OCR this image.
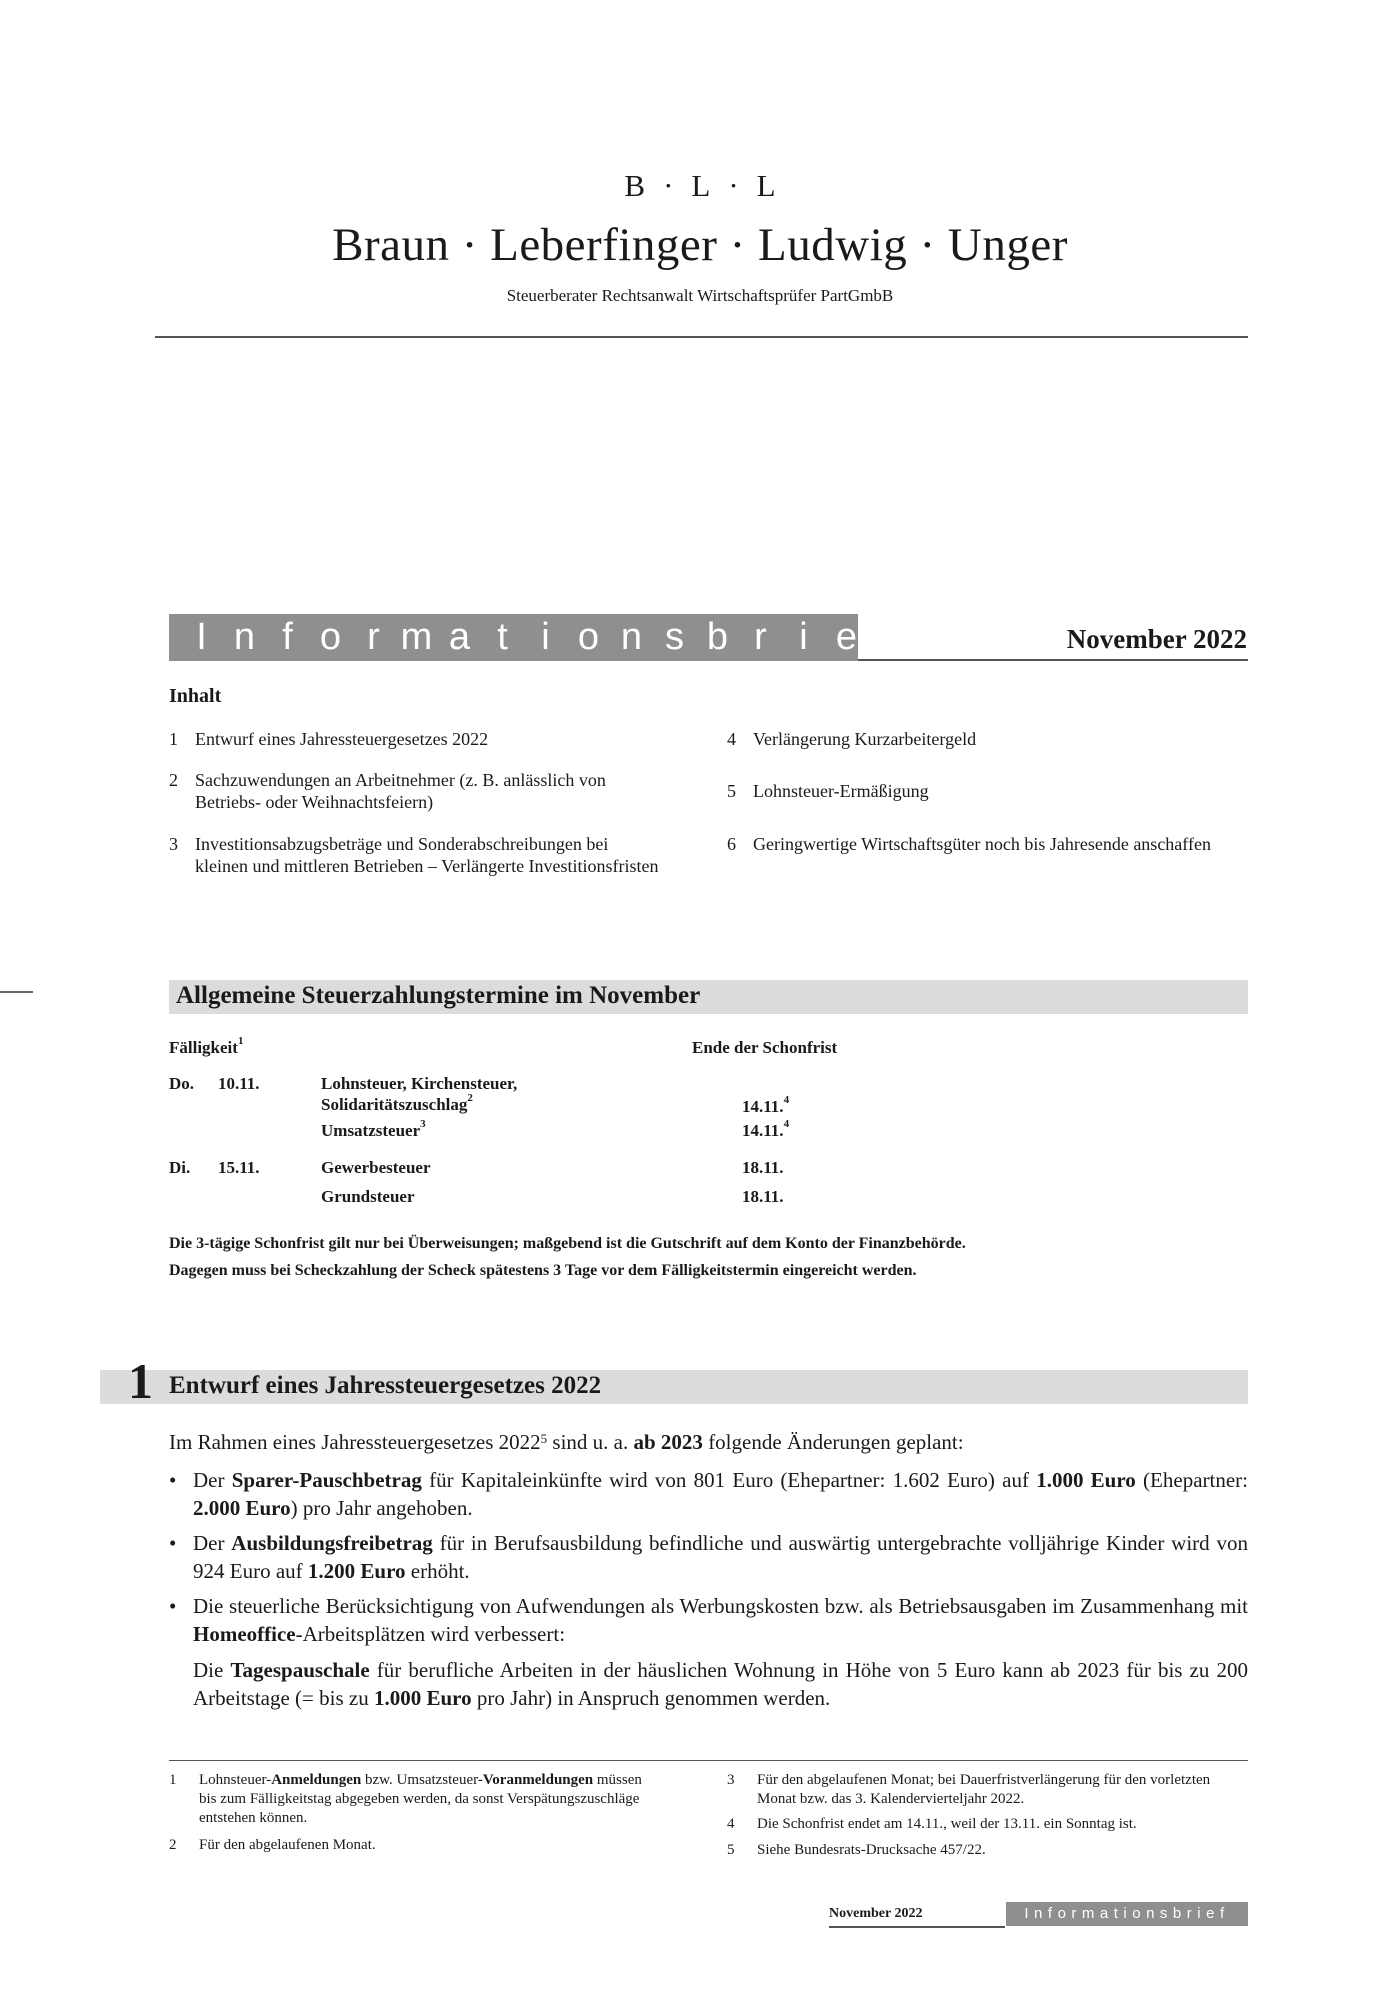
B · L · L
Braun · Leberfinger · Ludwig · Unger
Steuerberater Rechtsanwalt Wirtschaftsprüfer PartGmbB
I n f o r m a t i o n s b r i e f	November 2022
Inhalt
1 Entwurf eines Jahressteuergesetzes 2022
2 Sachzuwendungen an Arbeitnehmer (z. B. anlässlich von Betriebs- oder Weihnachtsfeiern)
3 Investitionsabzugsbeträge und Sonderabschreibungen bei kleinen und mittleren Betrieben – Verlängerte Investitionsfristen
4 Verlängerung Kurzarbeitergeld
5 Lohnsteuer-Ermäßigung
6 Geringwertige Wirtschaftsgüter noch bis Jahresende anschaffen
Allgemeine Steuerzahlungstermine im November
Fälligkeit$^1$	Ende der Schonfrist
Do. 10.11.	Lohnsteuer, Kirchensteuer,
Solidaritätszuschlag$^2$	14.11.$^4$
Umsatzsteuer$^3$	14.11.$^4$
Di. 15.11.	Gewerbesteuer	18.11.
Grundsteuer	18.11.
Die 3-tägige Schonfrist gilt nur bei Überweisungen; maßgebend ist die Gutschrift auf dem Konto der Finanzbehörde.
Dagegen muss bei Scheckzahlung der Scheck spätestens 3 Tage vor dem Fälligkeitstermin eingereicht werden.
1 Entwurf eines Jahressteuergesetzes 2022
Im Rahmen eines Jahressteuergesetzes 2022$^5$ sind u. a. ab 2023 folgende Änderungen geplant:
• Der Sparer-Pauschbetrag für Kapitaleinkünfte wird von 801 Euro (Ehepartner: 1.602 Euro) auf 1.000 Euro (Ehepartner: 2.000 Euro) pro Jahr angehoben.
• Der Ausbildungsfreibetrag für in Berufsausbildung befindliche und auswärtig untergebrachte volljährige Kinder wird von 924 Euro auf 1.200 Euro erhöht.
• Die steuerliche Berücksichtigung von Aufwendungen als Werbungskosten bzw. als Betriebsausgaben im Zusammenhang mit Homeoffice-Arbeitsplätzen wird verbessert:
Die Tagespauschale für berufliche Arbeiten in der häuslichen Wohnung in Höhe von 5 Euro kann ab 2023 für bis zu 200 Arbeitstage (= bis zu 1.000 Euro pro Jahr) in Anspruch genommen werden.
1 Lohnsteuer-Anmeldungen bzw. Umsatzsteuer-Voranmeldungen müssen bis zum Fälligkeitstag abgegeben werden, da sonst Verspätungszuschläge entstehen können.
2 Für den abgelaufenen Monat.
3 Für den abgelaufenen Monat; bei Dauerfristverlängerung für den vorletzten Monat bzw. das 3. Kalendervierteljahr 2022.
4 Die Schonfrist endet am 14.11., weil der 13.11. ein Sonntag ist.
5 Siehe Bundesrats-Drucksache 457/22.
November 2022	Informationsbrief
